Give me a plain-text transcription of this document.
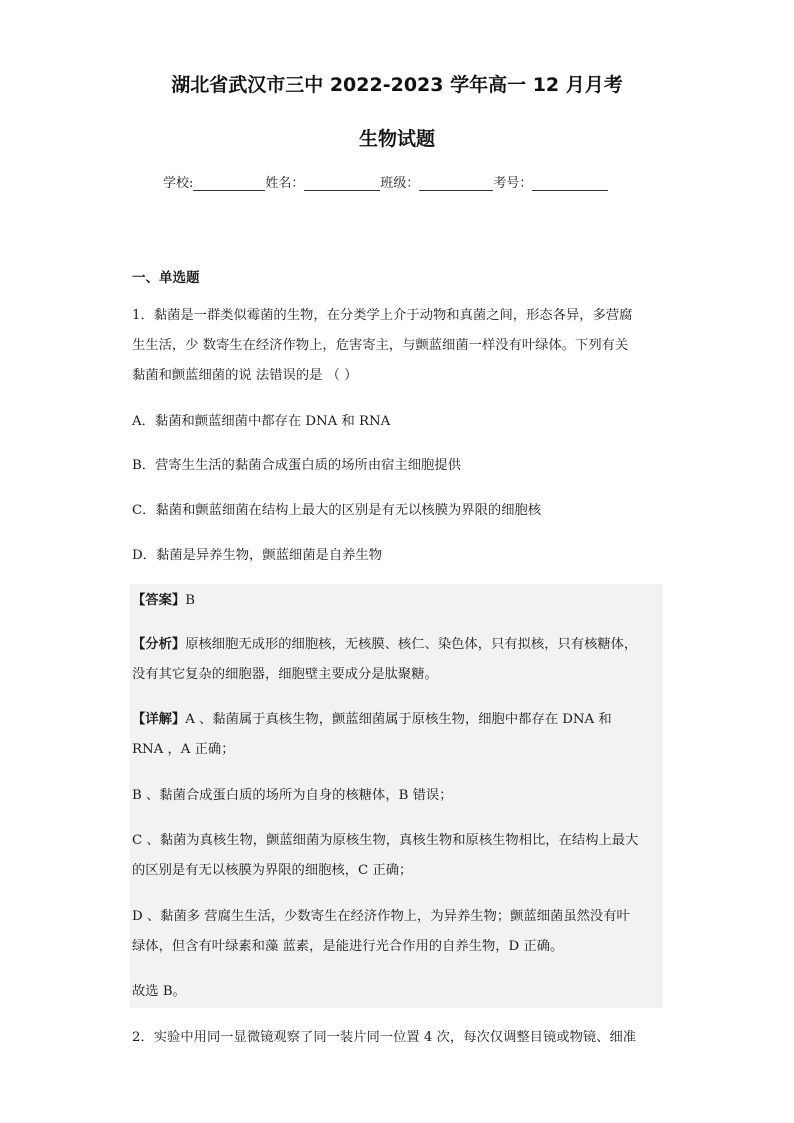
湖北省武汉市三中 2022-2023 学年高一 12 月月考
生物试题
学校:	姓名：	班级：	考号：
一、单选题
1．黏菌是一群类似霉菌的生物，在分类学上介于动物和真菌之间，形态各异，多营腐
生生活，少 数寄生在经济作物上，危害寄主，与颤蓝细菌一样没有叶绿体。下列有关
黏菌和颤蓝细菌的说 法错误的是 （ ）
A．黏菌和颤蓝细菌中都存在 DNA 和 RNA
B．营寄生生活的黏菌合成蛋白质的场所由宿主细胞提供
C．黏菌和颤蓝细菌在结构上最大的区别是有无以核膜为界限的细胞核
D．黏菌是异养生物，颤蓝细菌是自养生物
【答案】B
【分析】原核细胞无成形的细胞核，无核膜、核仁、染色体，只有拟核，只有核糖体，
没有其它复杂的细胞器，细胞壁主要成分是肽聚糖。
【详解】A 、黏菌属于真核生物，颤蓝细菌属于原核生物，细胞中都存在 DNA 和
RNA ，A 正确；
B 、黏菌合成蛋白质的场所为自身的核糖体，B 错误；
C 、黏菌为真核生物，颤蓝细菌为原核生物，真核生物和原核生物相比，在结构上最大
的区别是有无以核膜为界限的细胞核，C 正确；
D 、黏菌多 营腐生生活，少数寄生在经济作物上，为异养生物；颤蓝细菌虽然没有叶
绿体，但含有叶绿素和藻 蓝素，是能进行光合作用的自养生物，D 正确。
故选 B。
2．实验中用同一显微镜观察了同一装片同一位置 4 次，每次仅调整目镜或物镜、细准
